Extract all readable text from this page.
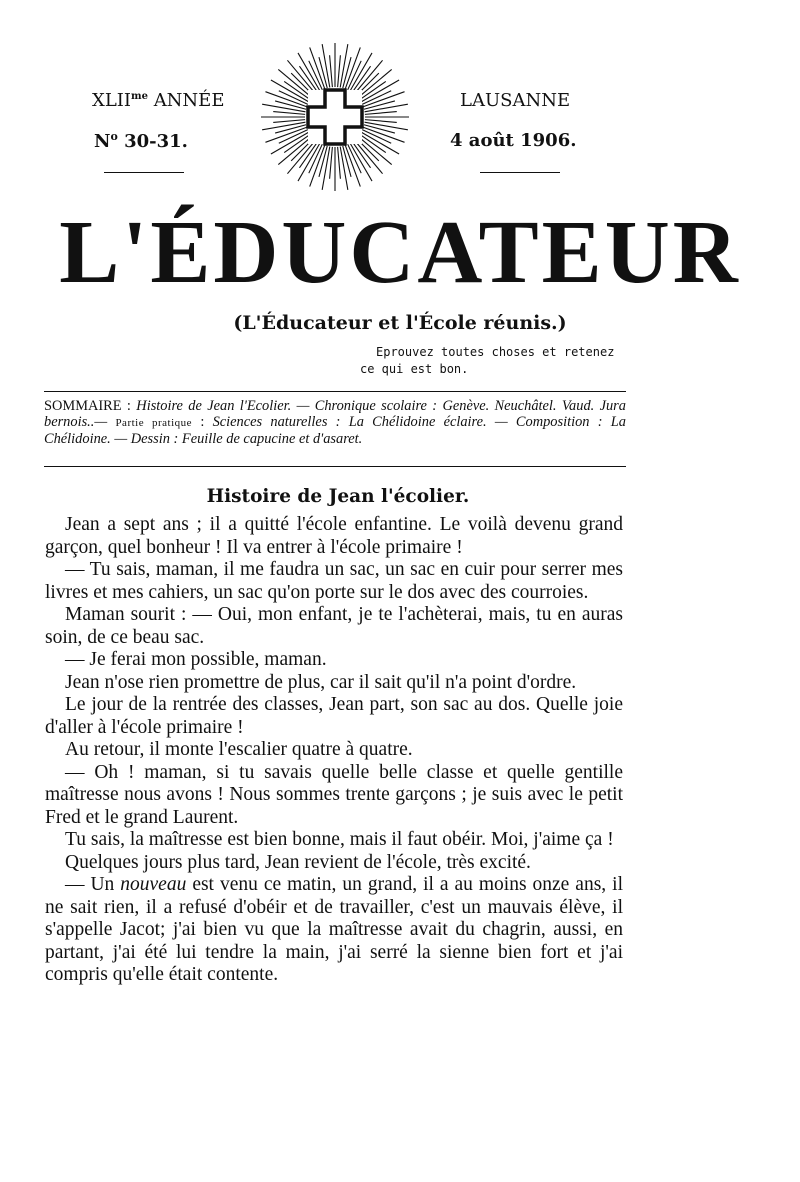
$XLII^{me}$ ANNÉE
$N^o$ 30-31.
LAUSANNE
4 août 1906.
L'ÉDUCATEUR
(L'Éducateur et l'École réunis.)
Eprouvez toutes choses et retenez
ce qui est bon.
SOMMAIRE : Histoire de Jean l'Ecolier. — Chronique scolaire : Genève. Neuchâtel. Vaud. Jura bernois..— Partie pratique : Sciences naturelles : La Chélidoine éclaire. — Composition : La Chélidoine. — Dessin : Feuille de capucine et d'asaret.
Histoire de Jean l'écolier.

Jean a sept ans ; il a quitté l'école enfantine. Le voilà devenu grand garçon, quel bonheur ! Il va entrer à l'école primaire !

— Tu sais, maman, il me faudra un sac, un sac en cuir pour serrer mes livres et mes cahiers, un sac qu'on porte sur le dos avec des courroies.

Maman sourit : — Oui, mon enfant, je te l'achèterai, mais, tu en auras soin, de ce beau sac.

— Je ferai mon possible, maman.

Jean n'ose rien promettre de plus, car il sait qu'il n'a point d'ordre.

Le jour de la rentrée des classes, Jean part, son sac au dos. Quelle joie d'aller à l'école primaire !

Au retour, il monte l'escalier quatre à quatre.

— Oh ! maman, si tu savais quelle belle classe et quelle gentille maîtresse nous avons ! Nous sommes trente garçons ; je suis avec le petit Fred et le grand Laurent.

Tu sais, la maîtresse est bien bonne, mais il faut obéir. Moi, j'aime ça !

Quelques jours plus tard, Jean revient de l'école, très excité.

— Un nouveau est venu ce matin, un grand, il a au moins onze ans, il ne sait rien, il a refusé d'obéir et de travailler, c'est un mauvais élève, il s'appelle Jacot; j'ai bien vu que la maîtresse avait du chagrin, aussi, en partant, j'ai été lui tendre la main, j'ai serré la sienne bien fort et j'ai compris qu'elle était contente.
